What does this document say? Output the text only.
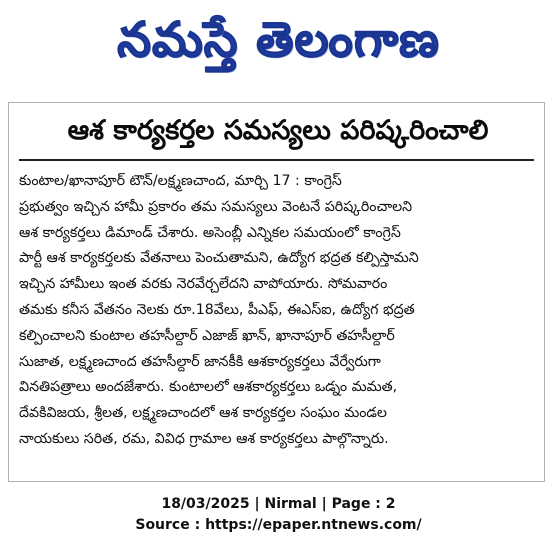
నమస్తే తెలంగాణ
ఆశ కార్యకర్తల సమస్యలు పరిష్కరించాలి
కుంటాల/ఖానాపూర్ టౌన్/లక్ష్మణచాంద, మార్చి 17 : కాంగ్రెస్
ప్రభుత్వం ఇచ్చిన హామీ ప్రకారం తమ సమస్యలు వెంటనే పరిష్కరించాలని
ఆశ కార్యకర్తలు డిమాండ్ చేశారు. అసెంబ్లీ ఎన్నికల సమయంలో కాంగ్రెస్
పార్టీ ఆశ కార్యకర్తలకు వేతనాలు పెంచుతామని, ఉద్యోగ భద్రత కల్పిస్తామని
ఇచ్చిన హామీలు ఇంత వరకు నెరవేర్చలేదని వాపోయారు. సోమవారం
తమకు కనీస వేతనం నెలకు రూ.18వేలు, పీఎఫ్, ఈఎస్ఐ, ఉద్యోగ భద్రత
కల్పించాలని కుంటాల తహసీల్దార్ ఎజాజ్ ఖాన్, ఖానాపూర్ తహసీల్దార్
సుజాత, లక్ష్మణచాంద తహసీల్దార్ జానకీకి ఆశకార్యకర్తలు వేర్వేరుగా
వినతిపత్రాలు అందజేశారు. కుంటాలలో ఆశకార్యకర్తలు ఒడ్నం మమత,
దేవకివిజయ, శ్రీలత, లక్ష్మణచాందలో ఆశ కార్యకర్తల సంఘం మండల
నాయకులు సరిత, రమ, వివిధ గ్రామాల ఆశ కార్యకర్తలు పాల్గొన్నారు.
18/03/2025 | Nirmal | Page : 2
Source : https://epaper.ntnews.com/
